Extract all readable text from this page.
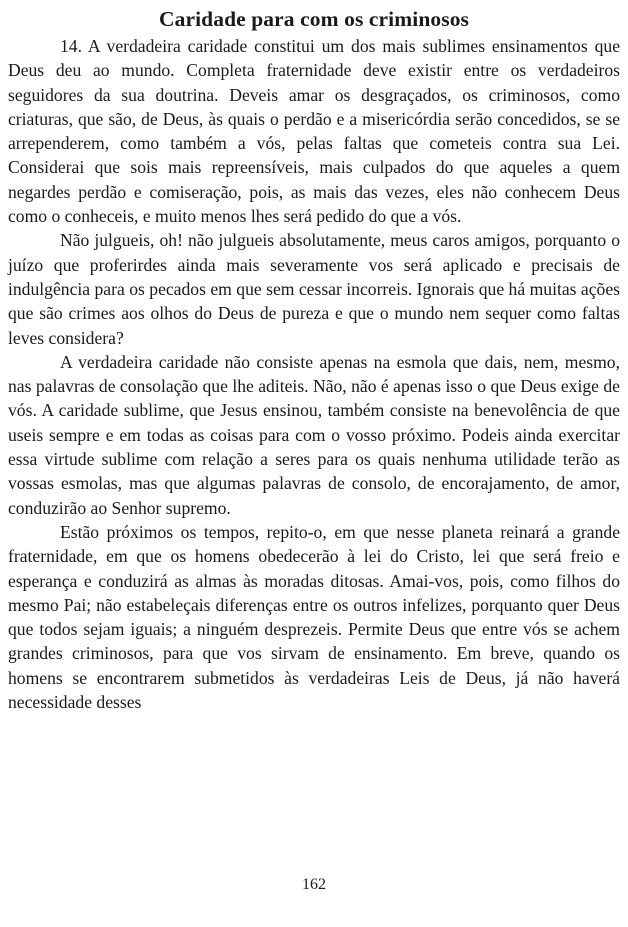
Caridade para com os criminosos

14. A verdadeira caridade constitui um dos mais sublimes ensinamentos que Deus deu ao mundo. Completa fraternidade deve existir entre os verdadeiros seguidores da sua doutrina. Deveis amar os desgraçados, os criminosos, como criaturas, que são, de Deus, às quais o perdão e a misericórdia serão concedidos, se se arrependerem, como também a vós, pelas faltas que cometeis contra sua Lei. Considerai que sois mais repreensíveis, mais culpados do que aqueles a quem negardes perdão e comiseração, pois, as mais das vezes, eles não conhecem Deus como o conheceis, e muito menos lhes será pedido do que a vós.

Não julgueis, oh! não julgueis absolutamente, meus caros amigos, porquanto o juízo que proferirdes ainda mais severamente vos será aplicado e precisais de indulgência para os pecados em que sem cessar incorreis. Ignorais que há muitas ações que são crimes aos olhos do Deus de pureza e que o mundo nem sequer como faltas leves considera?

A verdadeira caridade não consiste apenas na esmola que dais, nem, mesmo, nas palavras de consolação que lhe aditeis. Não, não é apenas isso o que Deus exige de vós. A caridade sublime, que Jesus ensinou, também consiste na benevolência de que useis sempre e em todas as coisas para com o vosso próximo. Podeis ainda exercitar essa virtude sublime com relação a seres para os quais nenhuma utilidade terão as vossas esmolas, mas que algumas palavras de consolo, de encorajamento, de amor, conduzirão ao Senhor supremo.

Estão próximos os tempos, repito-o, em que nesse planeta reinará a grande fraternidade, em que os homens obedecerão à lei do Cristo, lei que será freio e esperança e conduzirá as almas às moradas ditosas. Amai-vos, pois, como filhos do mesmo Pai; não estabeleçais diferenças entre os outros infelizes, porquanto quer Deus que todos sejam iguais; a ninguém desprezeis. Permite Deus que entre vós se achem grandes criminosos, para que vos sirvam de ensinamento. Em breve, quando os homens se encontrarem submetidos às verdadeiras Leis de Deus, já não haverá necessidade desses

162
